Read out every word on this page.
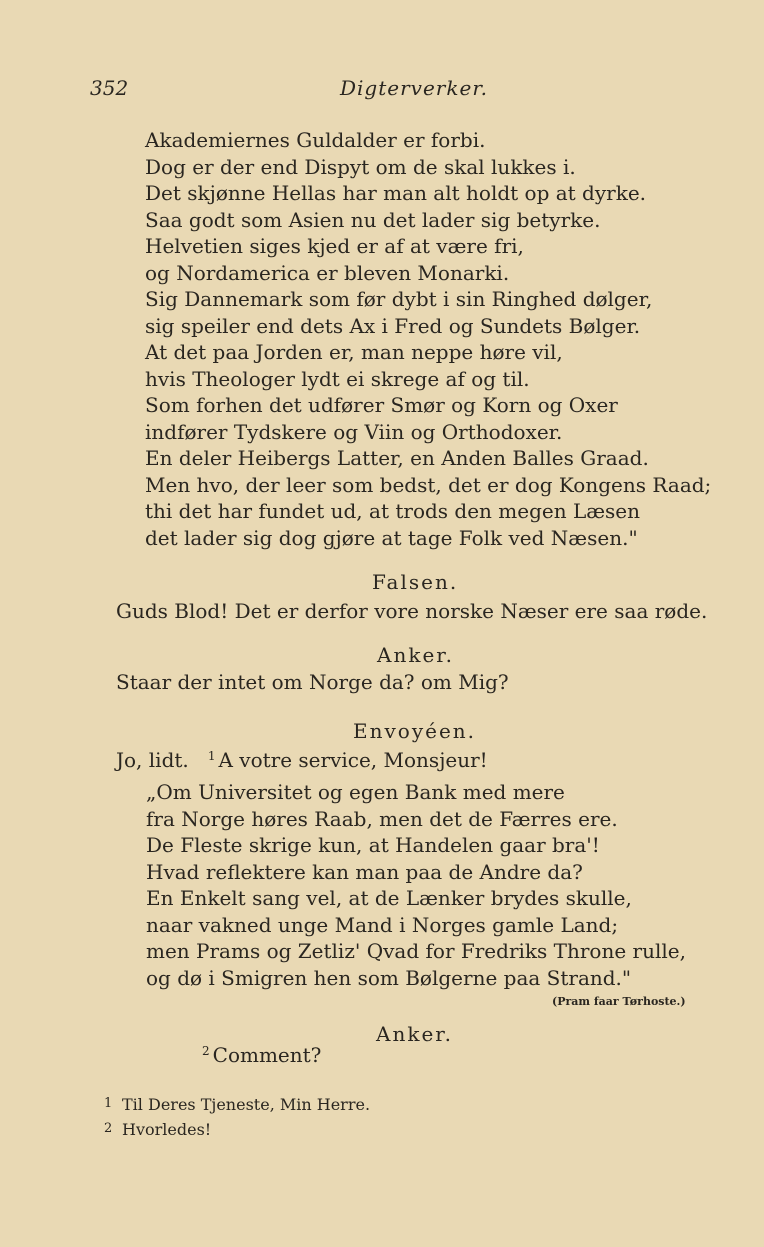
352	Digterverker.
Akademiernes Guldalder er forbi.
Dog er der end Dispyt om de skal lukkes i.
Det skjønne Hellas har man alt holdt op at dyrke.
Saa godt som Asien nu det lader sig betyrke.
Helvetien siges kjed er af at være fri,
og Nordamerica er bleven Monarki.
Sig Dannemark som før dybt i sin Ringhed dølger,
sig speiler end dets Ax i Fred og Sundets Bølger.
At det paa Jorden er, man neppe høre vil,
hvis Theologer lydt ei skrege af og til.
Som forhen det udfører Smør og Korn og Oxer
indfører Tydskere og Viin og Orthodoxer.
En deler Heibergs Latter, en Anden Balles Graad.
Men hvo, der leer som bedst, det er dog Kongens Raad;
thi det har fundet ud, at trods den megen Læsen
det lader sig dog gjøre at tage Folk ved Næsen."
Falsen.
Guds Blod! Det er derfor vore norske Næser ere saa røde.
Anker.
Staar der intet om Norge da? om Mig?
Envoyéen.
Jo, lidt. $^1$ A votre service, Monsjeur!
„Om Universitet og egen Bank med mere
fra Norge høres Raab, men det de Færres ere.
De Fleste skrige kun, at Handelen gaar bra'!
Hvad reflektere kan man paa de Andre da?
En Enkelt sang vel, at de Lænker brydes skulle,
naar vakned unge Mand i Norges gamle Land;
men Prams og Zetliz' Qvad for Fredriks Throne rulle,
og dø i Smigren hen som Bølgerne paa Strand."
(Pram faar Tørhoste.)
Anker.
$^2$ Comment?
1 Til Deres Tjeneste, Min Herre.
2 Hvorledes!
